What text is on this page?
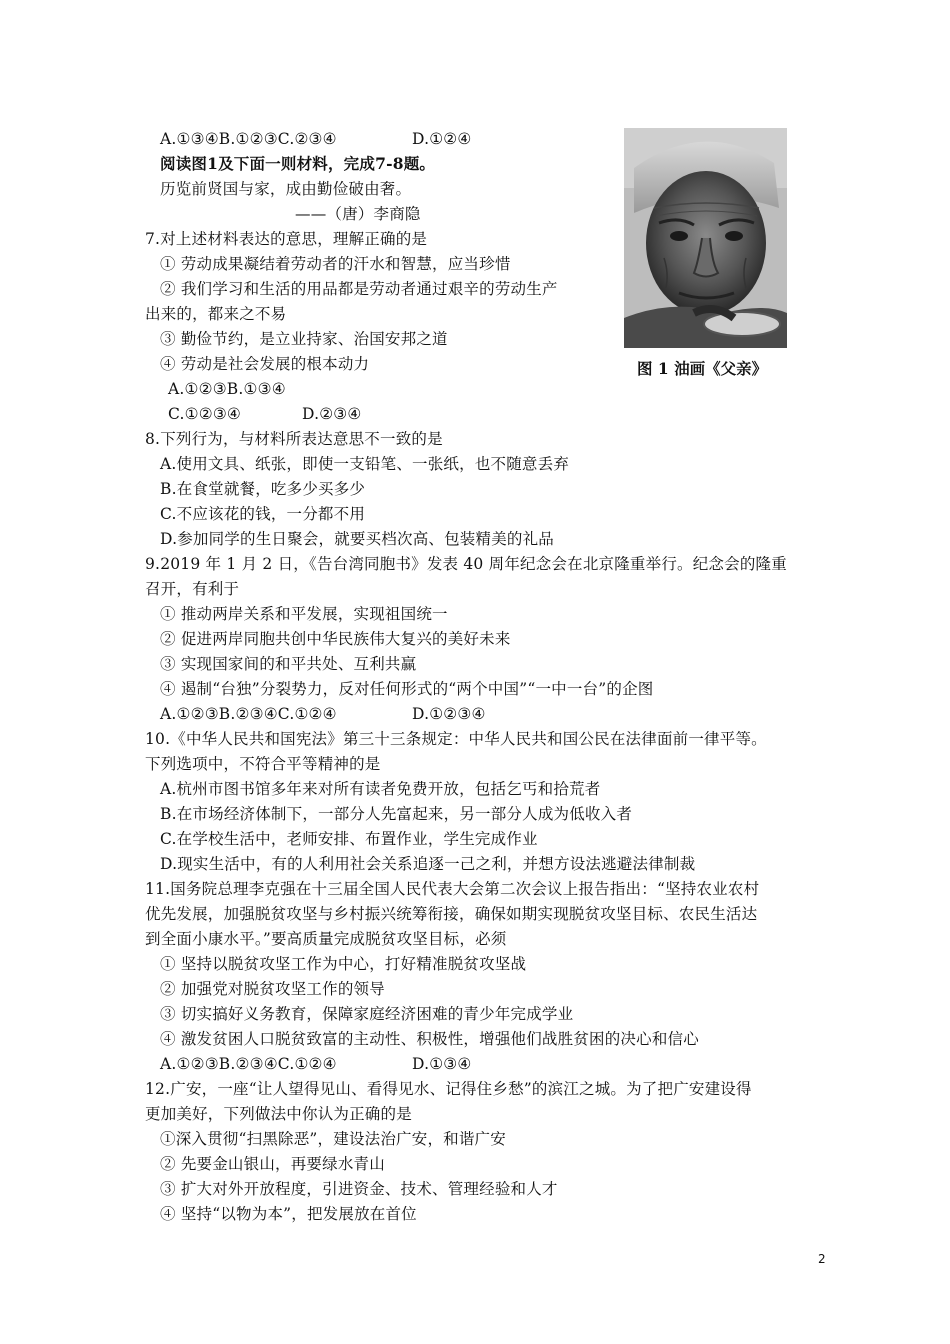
A.①③④B.①②③C.②③④	D.①②④
阅读图1及下面一则材料，完成7-8题。
历览前贤国与家，成由勤俭破由奢。
——（唐）李商隐
图 1 油画《父亲》
7.对上述材料表达的意思，理解正确的是
① 劳动成果凝结着劳动者的汗水和智慧，应当珍惜
② 我们学习和生活的用品都是劳动者通过艰辛的劳动生产
出来的，都来之不易
③ 勤俭节约，是立业持家、治国安邦之道
④ 劳动是社会发展的根本动力
A.①②③B.①③④
C.①②③④	D.②③④
8.下列行为，与材料所表达意思不一致的是
A.使用文具、纸张，即使一支铅笔、一张纸，也不随意丢弃
B.在食堂就餐，吃多少买多少
C.不应该花的钱，一分都不用
D.参加同学的生日聚会，就要买档次高、包装精美的礼品
9.2019 年 1 月 2 日，《告台湾同胞书》发表 40 周年纪念会在北京隆重举行。纪念会的隆重
召开，有利于
① 推动两岸关系和平发展，实现祖国统一
② 促进两岸同胞共创中华民族伟大复兴的美好未来
③ 实现国家间的和平共处、互利共赢
④ 遏制“台独”分裂势力，反对任何形式的“两个中国”“一中一台”的企图
A.①②③B.②③④C.①②④	D.①②③④
10.《中华人民共和国宪法》第三十三条规定：中华人民共和国公民在法律面前一律平等。
下列选项中，不符合平等精神的是
A.杭州市图书馆多年来对所有读者免费开放，包括乞丐和拾荒者
B.在市场经济体制下，一部分人先富起来，另一部分人成为低收入者
C.在学校生活中，老师安排、布置作业，学生完成作业
D.现实生活中，有的人利用社会关系追逐一己之利，并想方设法逃避法律制裁
11.国务院总理李克强在十三届全国人民代表大会第二次会议上报告指出：“坚持农业农村
优先发展，加强脱贫攻坚与乡村振兴统筹衔接，确保如期实现脱贫攻坚目标、农民生活达
到全面小康水平。”要高质量完成脱贫攻坚目标，必须
① 坚持以脱贫攻坚工作为中心，打好精准脱贫攻坚战
② 加强党对脱贫攻坚工作的领导
③ 切实搞好义务教育，保障家庭经济困难的青少年完成学业
④ 激发贫困人口脱贫致富的主动性、积极性，增强他们战胜贫困的决心和信心
A.①②③B.②③④C.①②④	D.①③④
12.广安，一座“让人望得见山、看得见水、记得住乡愁”的滨江之城。为了把广安建设得
更加美好，下列做法中你认为正确的是
①深入贯彻“扫黑除恶”，建设法治广安，和谐广安
② 先要金山银山，再要绿水青山
③ 扩大对外开放程度，引进资金、技术、管理经验和人才
④ 坚持“以物为本”，把发展放在首位
2
